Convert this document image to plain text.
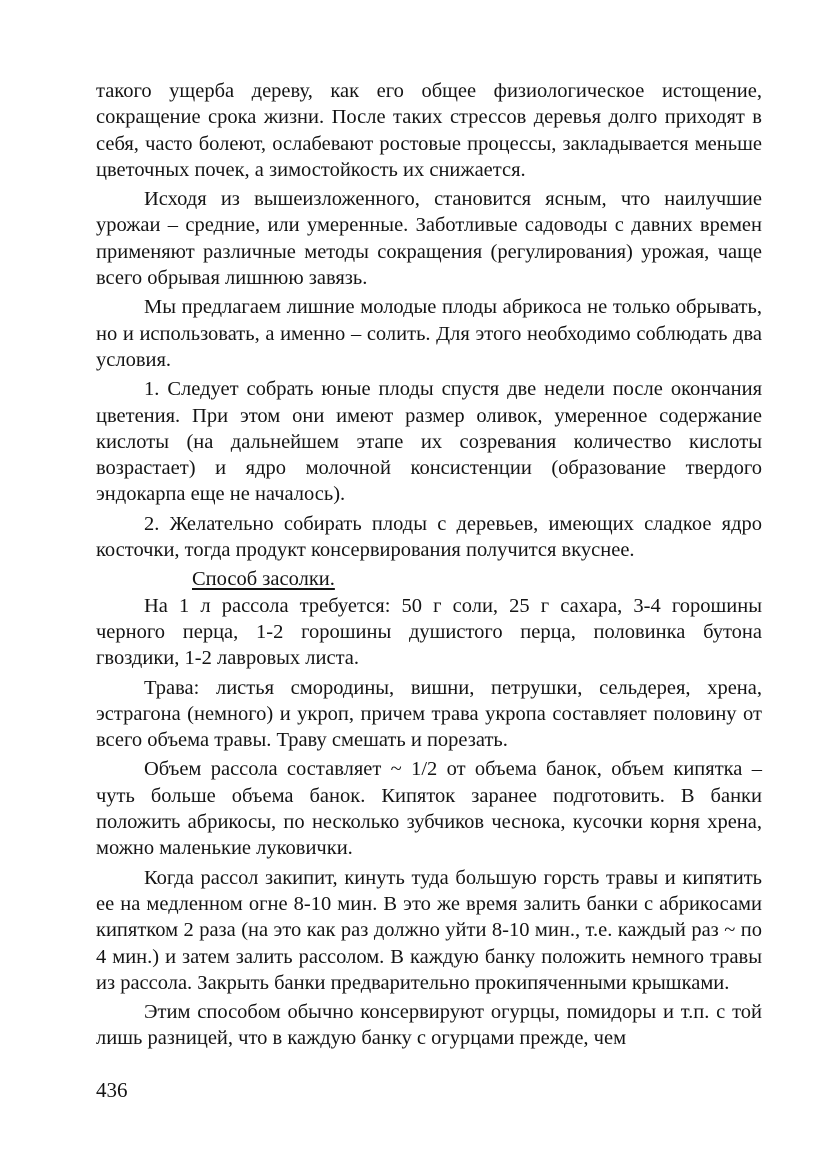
такого ущерба дереву, как его общее физиологическое истощение, сокращение срока жизни. После таких стрессов деревья долго приходят в себя, часто болеют, ослабевают ростовые процессы, закладывается меньше цветочных почек, а зимостойкость их снижается.

Исходя из вышеизложенного, становится ясным, что наилучшие урожаи – средние, или умеренные. Заботливые садоводы с давних времен применяют различные методы сокращения (регулирования) урожая, чаще всего обрывая лишнюю завязь.

Мы предлагаем лишние молодые плоды абрикоса не только обрывать, но и использовать, а именно – солить. Для этого необходимо соблюдать два условия.

1. Следует собрать юные плоды спустя две недели после окончания цветения. При этом они имеют размер оливок, умеренное содержание кислоты (на дальнейшем этапе их созревания количество кислоты возрастает) и ядро молочной консистенции (образование твердого эндокарпа еще не началось).

2. Желательно собирать плоды с деревьев, имеющих сладкое ядро косточки, тогда продукт консервирования получится вкуснее.

Способ засолки.

На 1 л рассола требуется: 50 г соли, 25 г сахара, 3-4 горошины черного перца, 1-2 горошины душистого перца, половинка бутона гвоздики, 1-2 лавровых листа.

Трава: листья смородины, вишни, петрушки, сельдерея, хрена, эстрагона (немного) и укроп, причем трава укропа составляет половину от всего объема травы. Траву смешать и порезать.

Объем рассола составляет ~ 1/2 от объема банок, объем кипятка – чуть больше объема банок. Кипяток заранее подготовить. В банки положить абрикосы, по несколько зубчиков чеснока, кусочки корня хрена, можно маленькие луковички.

Когда рассол закипит, кинуть туда большую горсть травы и кипятить ее на медленном огне 8-10 мин. В это же время залить банки с абрикосами кипятком 2 раза (на это как раз должно уйти 8-10 мин., т.е. каждый раз ~ по 4 мин.) и затем залить рассолом. В каждую банку положить немного травы из рассола. Закрыть банки предварительно прокипяченными крышками.

Этим способом обычно консервируют огурцы, помидоры и т.п. с той лишь разницей, что в каждую банку с огурцами прежде, чем

436
